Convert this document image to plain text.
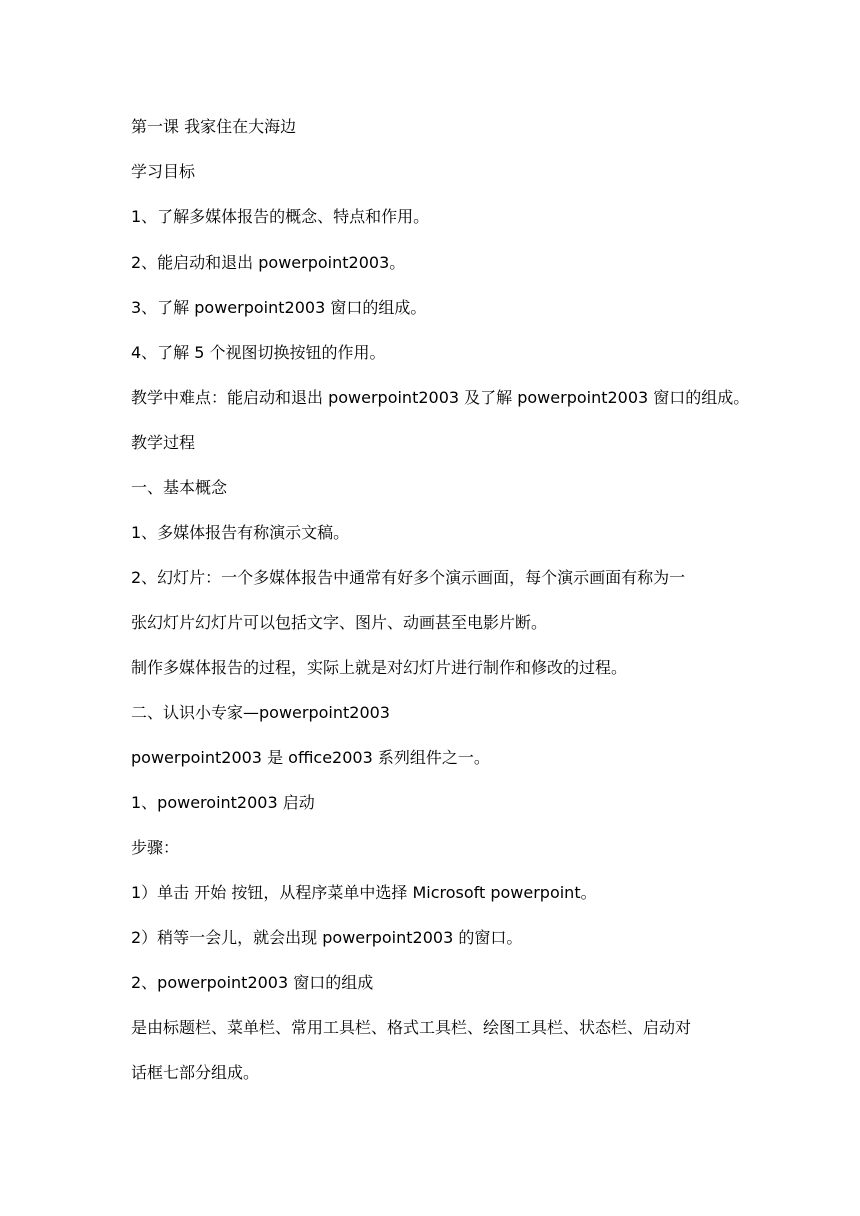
第一课 我家住在大海边
学习目标
1、了解多媒体报告的概念、特点和作用。
2、能启动和退出 powerpoint2003。
3、了解 powerpoint2003 窗口的组成。
4、了解 5 个视图切换按钮的作用。
教学中难点：能启动和退出 powerpoint2003 及了解 powerpoint2003 窗口的组成。
教学过程
一、基本概念
1、多媒体报告有称演示文稿。
2、幻灯片：一个多媒体报告中通常有好多个演示画面，每个演示画面有称为一
张幻灯片幻灯片可以包括文字、图片、动画甚至电影片断。
制作多媒体报告的过程，实际上就是对幻灯片进行制作和修改的过程。
二、认识小专家—powerpoint2003
powerpoint2003 是 office2003 系列组件之一。
1、poweroint2003 启动
步骤：
1）单击 开始 按钮，从程序菜单中选择 Microsoft powerpoint。
2）稍等一会儿，就会出现 powerpoint2003 的窗口。
2、powerpoint2003 窗口的组成
是由标题栏、菜单栏、常用工具栏、格式工具栏、绘图工具栏、状态栏、启动对
话框七部分组成。
